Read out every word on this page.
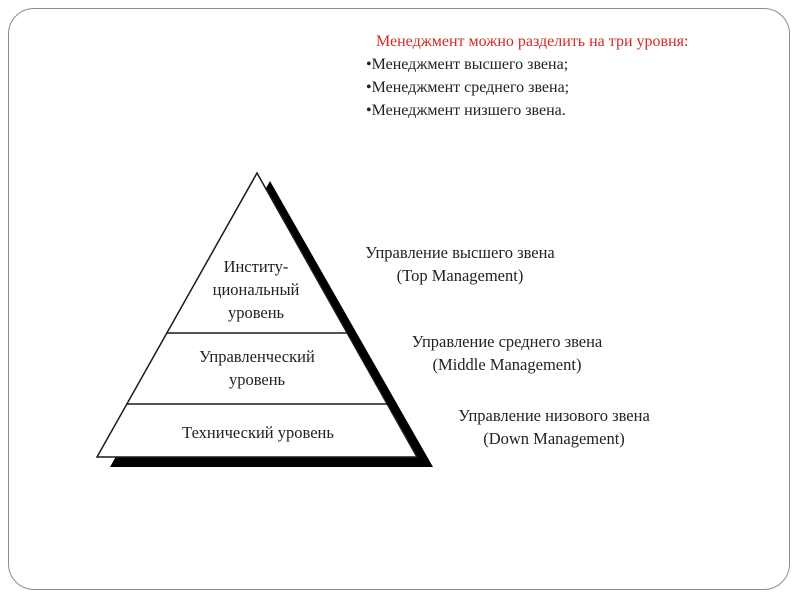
Менеджмент можно разделить на три уровня:
• Менеджмент высшего звена;
• Менеджмент среднего звена;
• Менеджмент низшего звена.
Институ-
циональный
уровень
Управленческий
уровень
Технический уровень
Управление высшего звена
(Top Management)
Управление среднего звена
(Middle Management)
Управление низового звена
(Down Management)
